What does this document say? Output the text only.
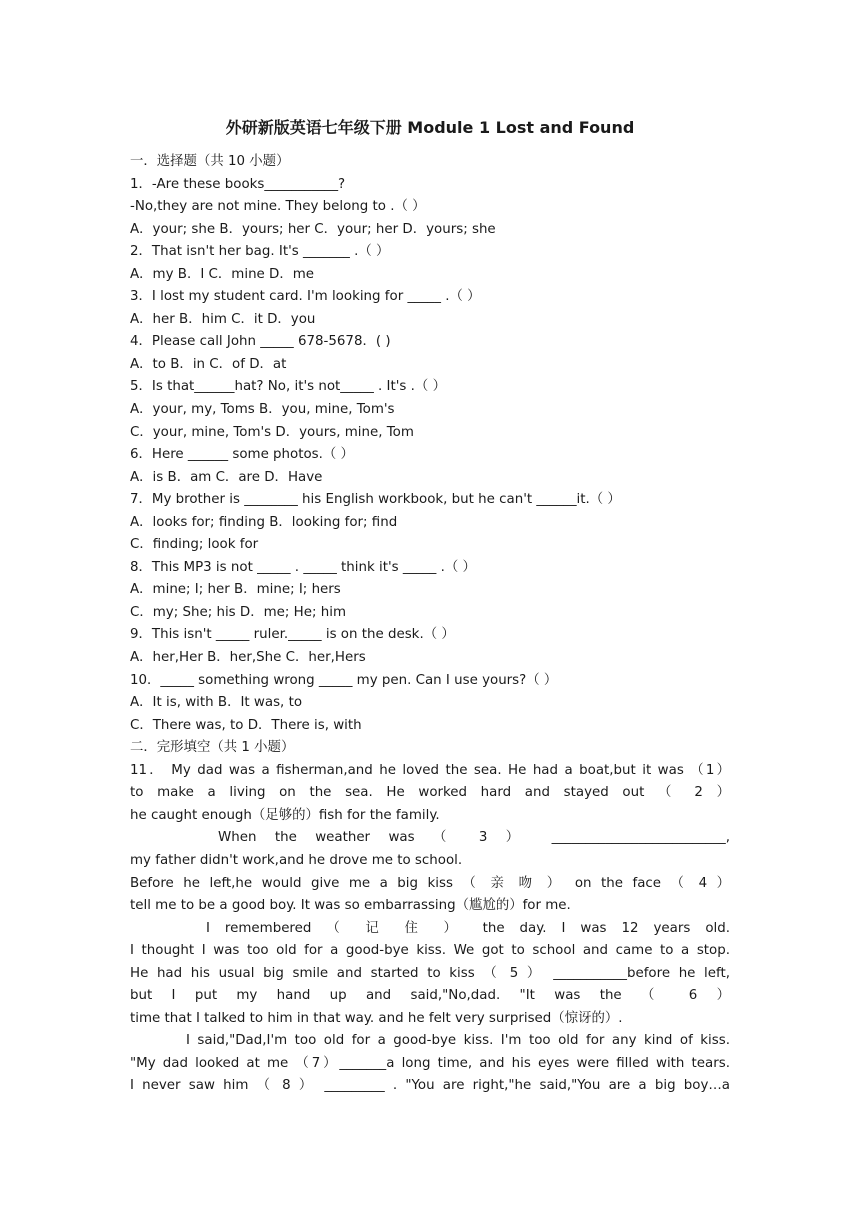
外研新版英语七年级下册 Module 1 Lost and Found
一．选择题（共 10 小题）
1．-Are these books___________?
-No,they are not mine. They belong to .（ ）
A．your; she B．yours; her C．your; her D．yours; she
2．That isn't her bag. It's _______ .（ ）
A．my B．I C．mine D．me
3．I lost my student card. I'm looking for _____ .（ ）
A．her B．him C．it D．you
4．Please call John _____ 678-5678．( )
A．to B．in C．of D．at
5．Is that______hat? No, it's not_____ . It's .（ ）
A．your, my, Toms B．you, mine, Tom's
C．your, mine, Tom's D．yours, mine, Tom
6．Here ______ some photos.（ ）
A．is B．am C．are D．Have
7．My brother is ________ his English workbook, but he can't ______it.（ ）
A．looks for; finding B．looking for; find
C．finding; look for
8．This MP3 is not _____ . _____ think it's _____ .（ ）
A．mine; I; her B．mine; I; hers
C．my; She; his D．me; He; him
9．This isn't _____ ruler._____ is on the desk.（ ）
A．her,Her B．her,She C．her,Hers
10．_____ something wrong _____ my pen. Can I use yours?（ ）
A．It is, with B．It was, to
C．There was, to D．There is, with
二．完形填空（共 1 小题）
11． My dad was a fisherman,and he loved the sea. He had a boat,but it was （1）
to make a living on the sea. He worked hard and stayed out （ 2 ）
he caught enough（足够的）fish for the family.
When the weather was （ 3 ） __________________________,
my father didn't work,and he drove me to school.
Before he left,he would give me a big kiss （ 亲 吻 ） on the face （ 4 ）
tell me to be a good boy. It was so embarrassing（尴尬的）for me.
I remembered （ 记 住 ） the day. I was 12 years old.
I thought I was too old for a good-bye kiss. We got to school and came to a stop.
He had his usual big smile and started to kiss （ 5 ） ___________before he left,
but I put my hand up and said,"No,dad. "It was the （ 6 ）
time that I talked to him in that way. and he felt very surprised（惊讶的）.
I said,"Dad,I'm too old for a good-bye kiss. I'm too old for any kind of kiss.
"My dad looked at me （7）_______a long time, and his eyes were filled with tears.
I never saw him （ 8 ） _________ . "You are right,"he said,"You are a big boy…a
